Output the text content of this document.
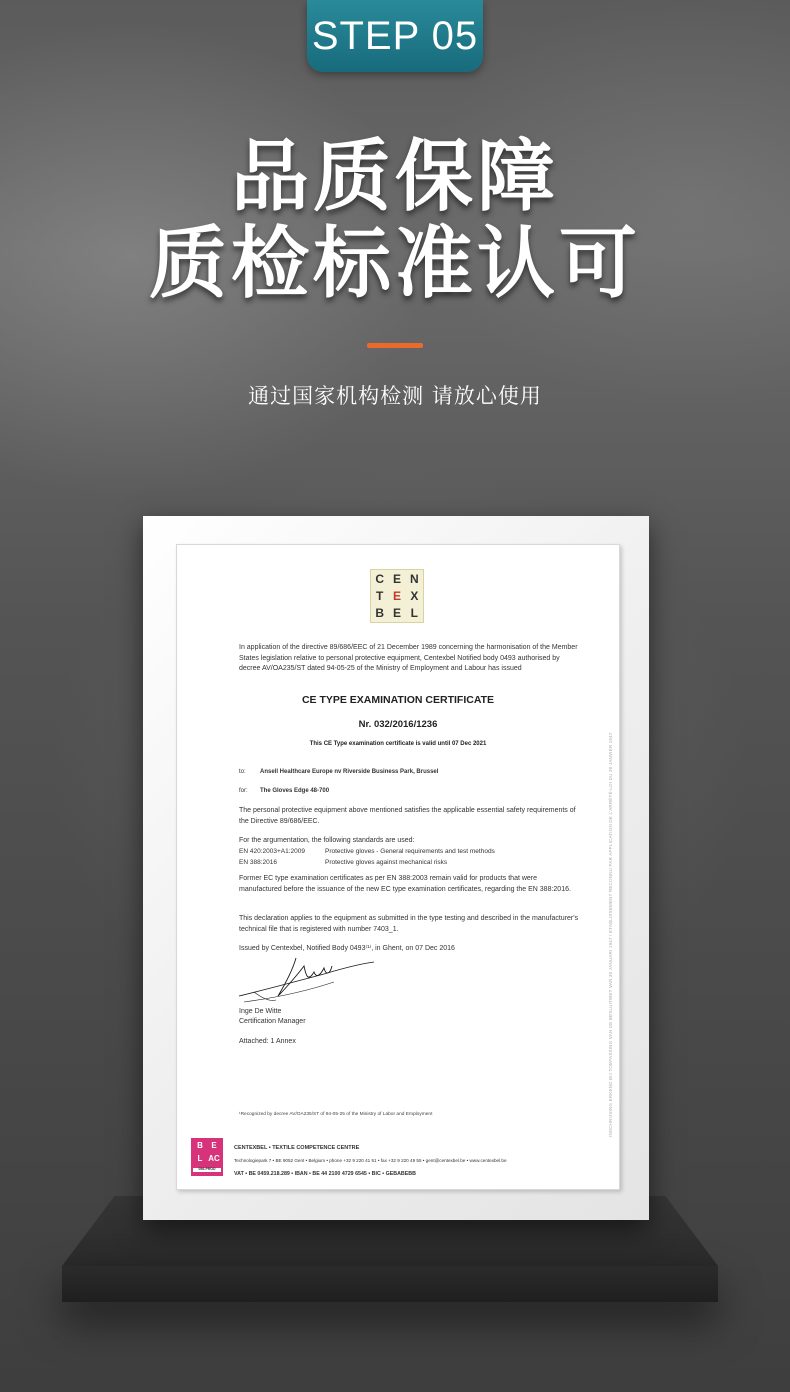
STEP 05
品质保障
质检标准认可
通过国家机构检测 请放心使用
C E N
T E X
B E L
In application of the directive 89/686/EEC of 21 December 1989 concerning the harmonisation of the Member States legislation relative to personal protective equipment, Centexbel Notified body 0493 authorised by decree AV/OA235/ST dated 94-05-25 of the Ministry of Employment and Labour has issued
CE TYPE EXAMINATION CERTIFICATE
Nr. 032/2016/1236
This CE Type examination certificate is valid until 07 Dec 2021
to: Ansell Healthcare Europe nv Riverside Business Park, Brussel
for: The Gloves Edge 48-700
The personal protective equipment above mentioned satisfies the applicable essential safety requirements of the Directive 89/686/EEC.
For the argumentation, the following standards are used:
EN 420:2003+A1:2009	Protective gloves - General requirements and test methods
EN 388:2016	Protective gloves against mechanical risks
Former EC type examination certificates as per EN 388:2003 remain valid for products that were manufactured before the issuance of the new EC type examination certificates, regarding the EN 388:2016.
This declaration applies to the equipment as submitted in the type testing and described in the manufacturer's technical file that is registered with number 7403_1.
Issued by Centexbel, Notified Body 0493⁽¹⁾, in Ghent, on 07 Dec 2016
Inge De Witte
Certification Manager
Attached: 1 Annex
¹Recognized by decree AV/OA235/ST of 94-05-25 of the Ministry of Labor and Employment	INSCHRIJVING ERKEND BIJ TOEPASSING VAN DE BESLUITWET VAN 30 JANUARI 1947 / ETABLISSEMENT RECONNU PAR APPLICATION DE L'ARRÊTÉ-LOI DU 30 JANVIER 1947
B E
L AC
056-PROD
CENTEXBEL • TEXTILE COMPETENCE CENTRE
Technologiepark 7 • BE 9052 Gent • Belgium • phone +32 9 220 41 51 • fax +32 9 220 49 55 • gent@centexbel.be • www.centexbel.be
VAT • BE 0459.218.289 • IBAN • BE 44 2100 4729 6545 • BIC • GEBABEBB
